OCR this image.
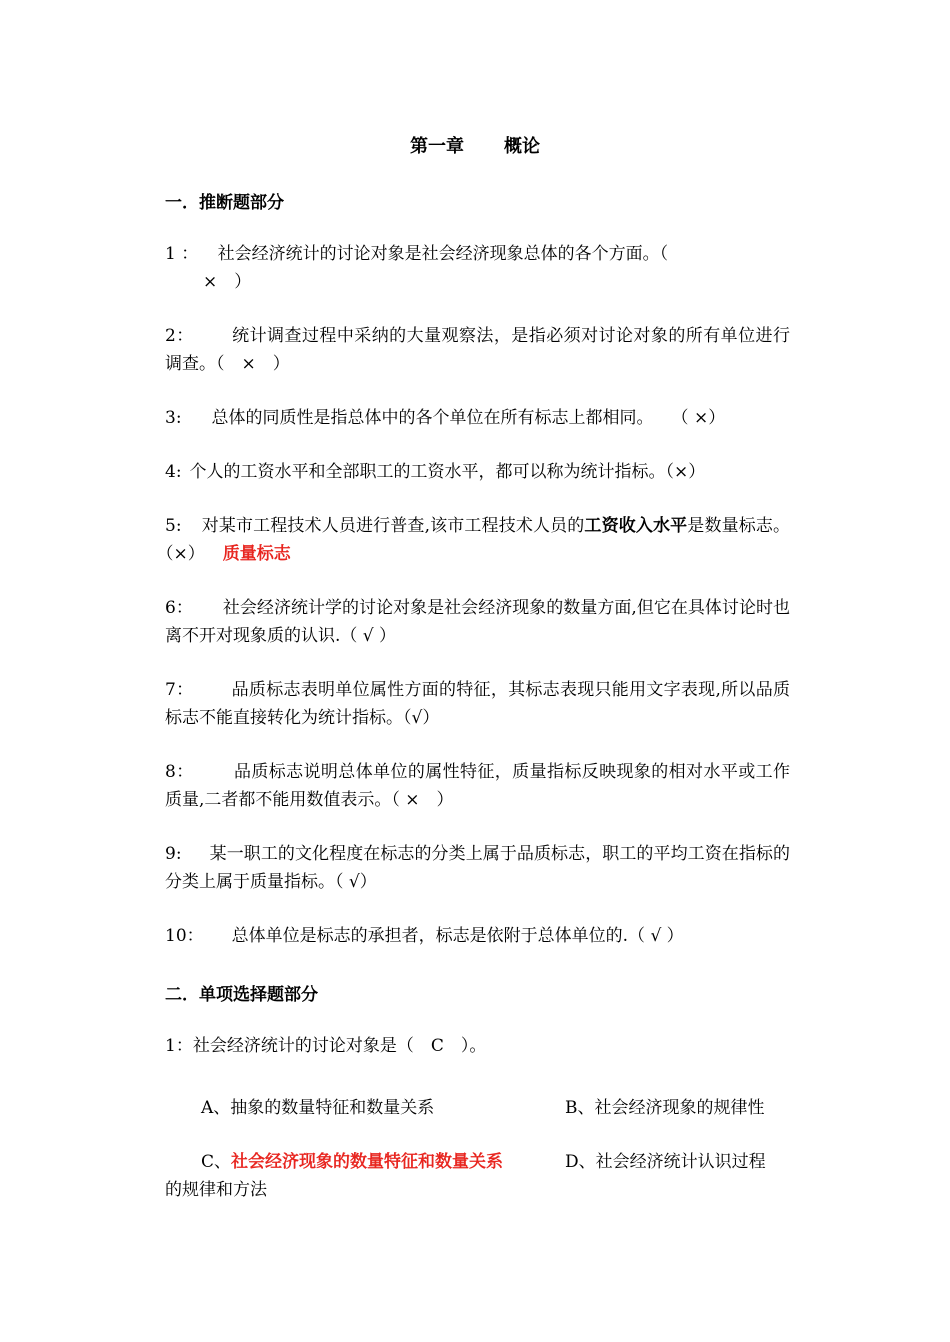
第一章 概论
一．推断题部分
1 ： 社会经济统计的讨论对象是社会经济现象总体的各个方面。（
×　）
2： 统计调查过程中采纳的大量观察法，是指必须对讨论对象的所有单位进行调查。（　×　）
3: 总体的同质性是指总体中的各个单位在所有标志上都相同。 （ ×）
4: 个人的工资水平和全部职工的工资水平，都可以称为统计指标。（×）
5: 对某市工程技术人员进行普查,该市工程技术人员的工资收入水平是数量标志。（×） 质量标志
6： 社会经济统计学的讨论对象是社会经济现象的数量方面,但它在具体讨论时也离不开对现象质的认识.（ √ ）
7： 品质标志表明单位属性方面的特征，其标志表现只能用文字表现,所以品质标志不能直接转化为统计指标。（√）
8： 品质标志说明总体单位的属性特征，质量指标反映现象的相对水平或工作质量,二者都不能用数值表示。（ ×　）
9: 某一职工的文化程度在标志的分类上属于品质标志，职工的平均工资在指标的分类上属于质量指标。（ √）
10： 总体单位是标志的承担者，标志是依附于总体单位的.（ √ ）
二．单项选择题部分
1：社会经济统计的讨论对象是（　C　）。
A、抽象的数量特征和数量关系	B、社会经济现象的规律性
C、社会经济现象的数量特征和数量关系	D、社会经济统计认识过程
的规律和方法
